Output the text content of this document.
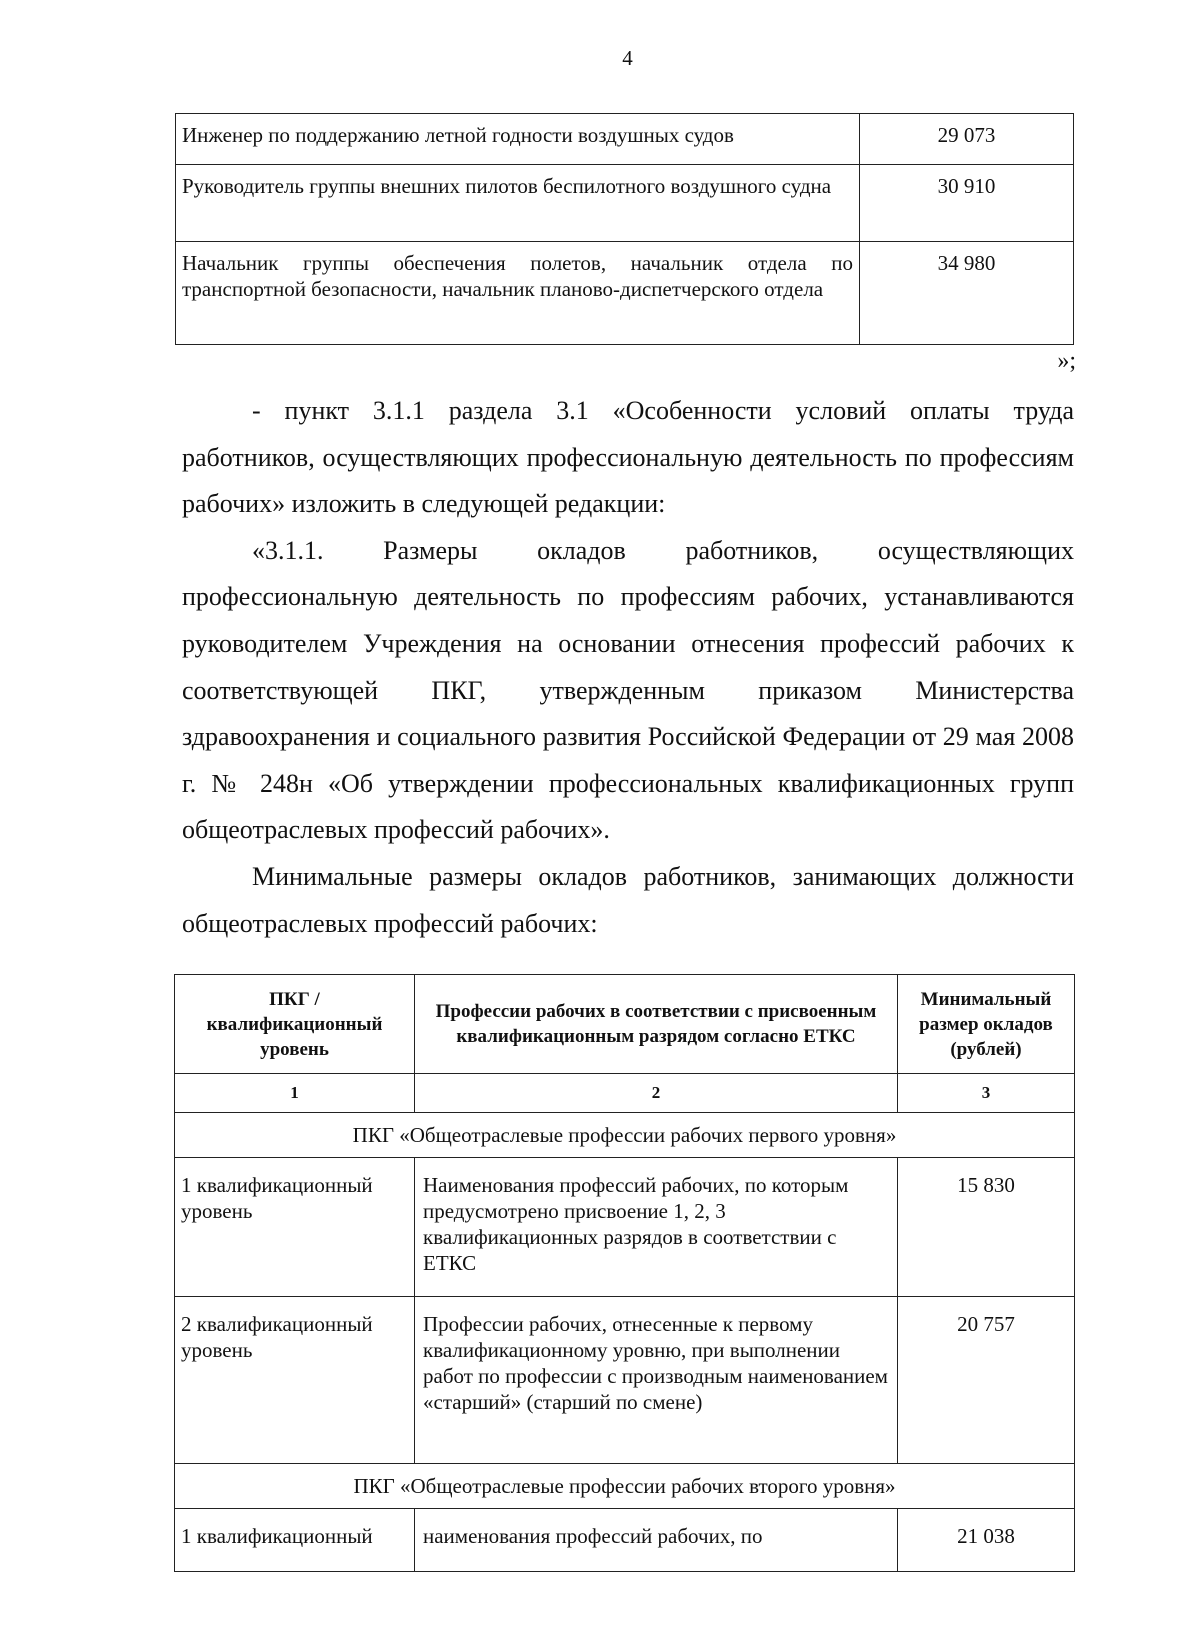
4
Инженер по поддержанию летной годности воздушных судов	29 073
Руководитель группы внешних пилотов беспилотного воздушного судна	30 910
Начальник группы обеспечения полетов, начальник отдела по транспортной безопасности, начальник планово-диспетчерского отдела	34 980
»;

- пункт 3.1.1 раздела 3.1 «Особенности условий оплаты труда работников, осуществляющих профессиональную деятельность по профессиям рабочих» изложить в следующей редакции:

«3.1.1. Размеры окладов работников, осуществляющих профессиональную деятельность по профессиям рабочих, устанавливаются руководителем Учреждения на основании отнесения профессий рабочих к соответствующей ПКГ, утвержденным приказом Министерства здравоохранения и социального развития Российской Федерации от 29 мая 2008 г. № 248н «Об утверждении профессиональных квалификационных групп общеотраслевых профессий рабочих».

Минимальные размеры окладов работников, занимающих должности общеотраслевых профессий рабочих:

ПКГ / квалификационный уровень	Профессии рабочих в соответствии с присвоенным квалификационным разрядом согласно ЕТКС	Минимальный размер окладов (рублей)
1	2	3
ПКГ «Общеотраслевые профессии рабочих первого уровня»		
1 квалификационный уровень	Наименования профессий рабочих, по которым предусмотрено присвоение 1, 2, 3 квалификационных разрядов в соответствии с ЕТКС	15 830
2 квалификационный уровень	Профессии рабочих, отнесенные к первому квалификационному уровню, при выполнении работ по профессии с производным наименованием «старший» (старший по смене)	20 757
ПКГ «Общеотраслевые профессии рабочих второго уровня»		
1 квалификационный	наименования профессий рабочих, по	21 038
